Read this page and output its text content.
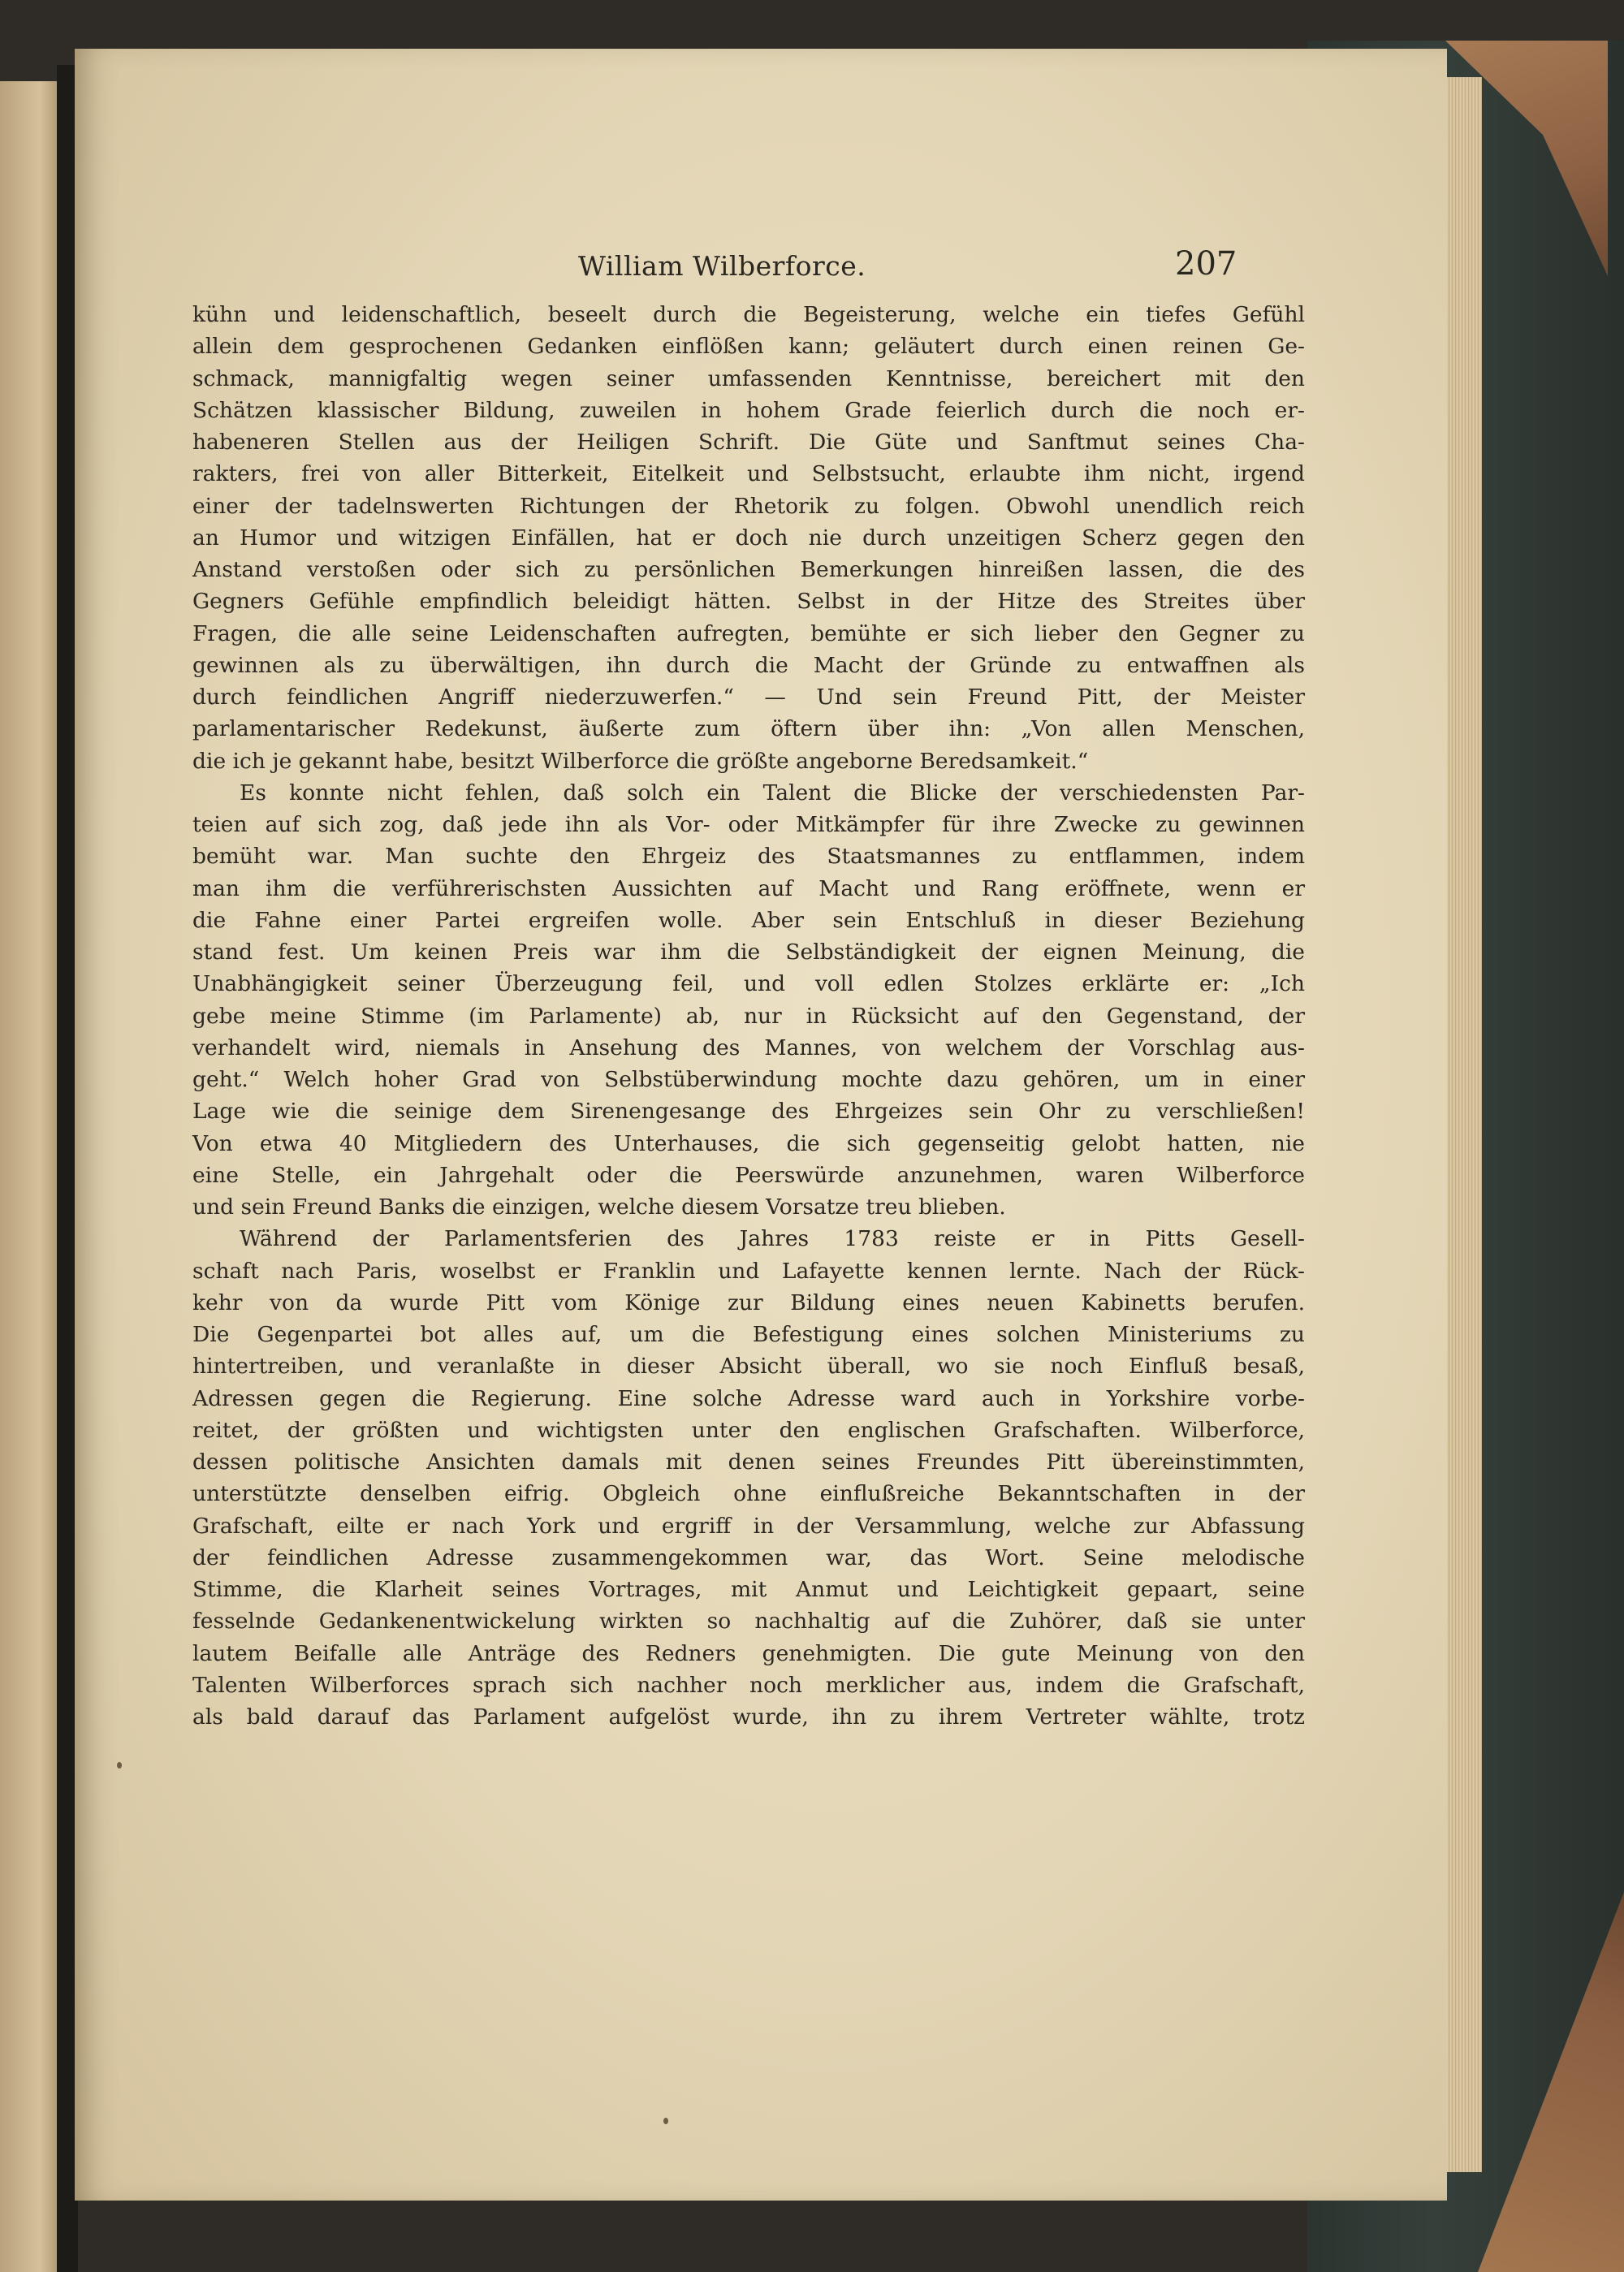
William Wilberforce.	207
kühn und leidenschaftlich, beseelt durch die Begeisterung, welche ein tiefes Gefühl
allein dem gesprochenen Gedanken einflößen kann; geläutert durch einen reinen Ge-
schmack, mannigfaltig wegen seiner umfassenden Kenntnisse, bereichert mit den
Schätzen klassischer Bildung, zuweilen in hohem Grade feierlich durch die noch er-
habeneren Stellen aus der Heiligen Schrift. Die Güte und Sanftmut seines Cha-
rakters, frei von aller Bitterkeit, Eitelkeit und Selbstsucht, erlaubte ihm nicht, irgend
einer der tadelnswerten Richtungen der Rhetorik zu folgen. Obwohl unendlich reich
an Humor und witzigen Einfällen, hat er doch nie durch unzeitigen Scherz gegen den
Anstand verstoßen oder sich zu persönlichen Bemerkungen hinreißen lassen, die des
Gegners Gefühle empfindlich beleidigt hätten. Selbst in der Hitze des Streites über
Fragen, die alle seine Leidenschaften aufregten, bemühte er sich lieber den Gegner zu
gewinnen als zu überwältigen, ihn durch die Macht der Gründe zu entwaffnen als
durch feindlichen Angriff niederzuwerfen.“ — Und sein Freund Pitt, der Meister
parlamentarischer Redekunst, äußerte zum öftern über ihn: „Von allen Menschen,
die ich je gekannt habe, besitzt Wilberforce die größte angeborne Beredsamkeit.“
Es konnte nicht fehlen, daß solch ein Talent die Blicke der verschiedensten Par-
teien auf sich zog, daß jede ihn als Vor- oder Mitkämpfer für ihre Zwecke zu gewinnen
bemüht war. Man suchte den Ehrgeiz des Staatsmannes zu entflammen, indem
man ihm die verführerischsten Aussichten auf Macht und Rang eröffnete, wenn er
die Fahne einer Partei ergreifen wolle. Aber sein Entschluß in dieser Beziehung
stand fest. Um keinen Preis war ihm die Selbständigkeit der eignen Meinung, die
Unabhängigkeit seiner Überzeugung feil, und voll edlen Stolzes erklärte er: „Ich
gebe meine Stimme (im Parlamente) ab, nur in Rücksicht auf den Gegenstand, der
verhandelt wird, niemals in Ansehung des Mannes, von welchem der Vorschlag aus-
geht.“ Welch hoher Grad von Selbstüberwindung mochte dazu gehören, um in einer
Lage wie die seinige dem Sirenengesange des Ehrgeizes sein Ohr zu verschließen!
Von etwa 40 Mitgliedern des Unterhauses, die sich gegenseitig gelobt hatten, nie
eine Stelle, ein Jahrgehalt oder die Peerswürde anzunehmen, waren Wilberforce
und sein Freund Banks die einzigen, welche diesem Vorsatze treu blieben.
Während der Parlamentsferien des Jahres 1783 reiste er in Pitts Gesell-
schaft nach Paris, woselbst er Franklin und Lafayette kennen lernte. Nach der Rück-
kehr von da wurde Pitt vom Könige zur Bildung eines neuen Kabinetts berufen.
Die Gegenpartei bot alles auf, um die Befestigung eines solchen Ministeriums zu
hintertreiben, und veranlaßte in dieser Absicht überall, wo sie noch Einfluß besaß,
Adressen gegen die Regierung. Eine solche Adresse ward auch in Yorkshire vorbe-
reitet, der größten und wichtigsten unter den englischen Grafschaften. Wilberforce,
dessen politische Ansichten damals mit denen seines Freundes Pitt übereinstimmten,
unterstützte denselben eifrig. Obgleich ohne einflußreiche Bekanntschaften in der
Grafschaft, eilte er nach York und ergriff in der Versammlung, welche zur Abfassung
der feindlichen Adresse zusammengekommen war, das Wort. Seine melodische
Stimme, die Klarheit seines Vortrages, mit Anmut und Leichtigkeit gepaart, seine
fesselnde Gedankenentwickelung wirkten so nachhaltig auf die Zuhörer, daß sie unter
lautem Beifalle alle Anträge des Redners genehmigten. Die gute Meinung von den
Talenten Wilberforces sprach sich nachher noch merklicher aus, indem die Grafschaft,
als bald darauf das Parlament aufgelöst wurde, ihn zu ihrem Vertreter wählte, trotz
